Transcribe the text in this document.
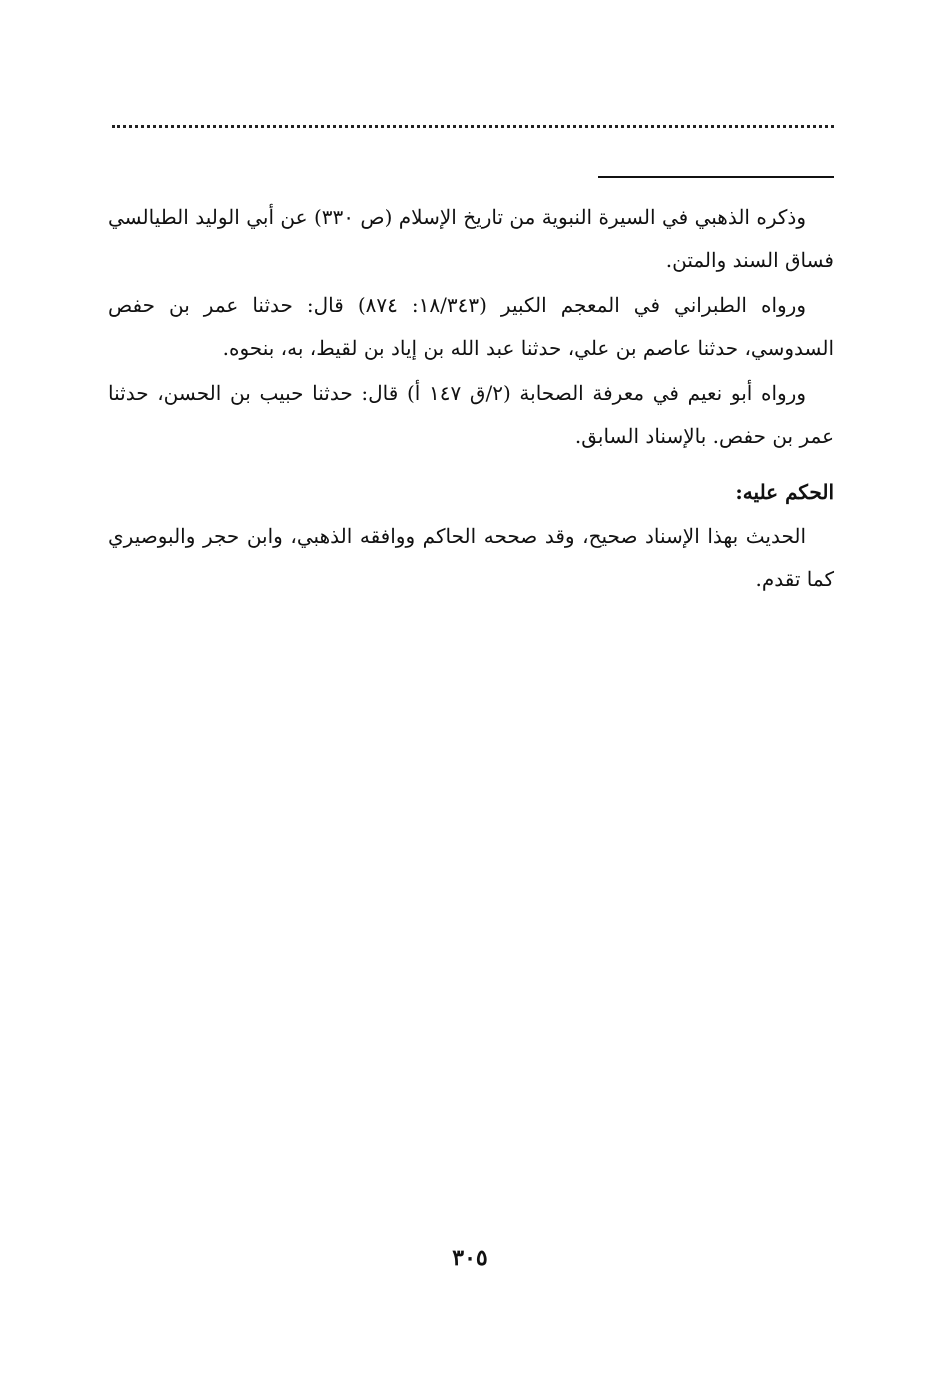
وذكره الذهبي في السيرة النبوية من تاريخ الإسلام (ص ٣٣٠) عن أبي الوليد الطيالسي فساق السند والمتن.

ورواه الطبراني في المعجم الكبير (١٨/٣٤٣: ٨٧٤) قال: حدثنا عمر بن حفص السدوسي، حدثنا عاصم بن علي، حدثنا عبد الله بن إياد بن لقيط، به، بنحوه.

ورواه أبو نعيم في معرفة الصحابة (٢/ق ١٤٧ أ) قال: حدثنا حبيب بن الحسن، حدثنا عمر بن حفص. بالإسناد السابق.

الحكم عليه:

الحديث بهذا الإسناد صحيح، وقد صححه الحاكم ووافقه الذهبي، وابن حجر والبوصيري كما تقدم.

٣٠٥
